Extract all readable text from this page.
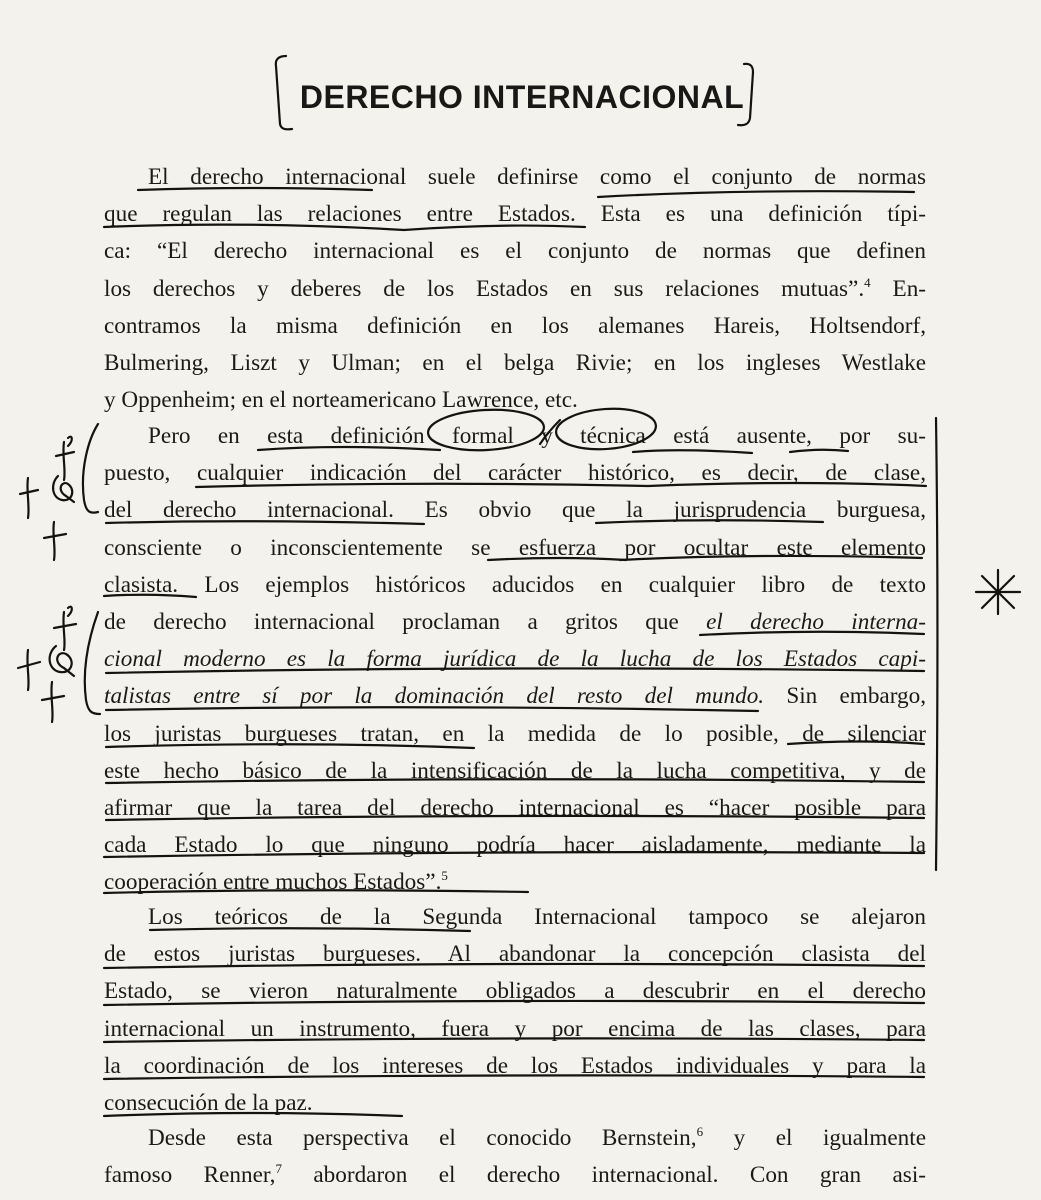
DERECHO INTERNACIONAL
El derecho internacional suele definirse como el conjunto de normas
que regulan las relaciones entre Estados. Esta es una definición típi-
ca: “El derecho internacional es el conjunto de normas que definen
los derechos y deberes de los Estados en sus relaciones mutuas”.$^4$ En-
contramos la misma definición en los alemanes Hareis, Holtsendorf,
Bulmering, Liszt y Ulman; en el belga Rivie; en los ingleses Westlake
y Oppenheim; en el norteamericano Lawrence, etc.
Pero en esta definición formal y técnica está ausente, por su-
puesto, cualquier indicación del carácter histórico, es decir, de clase,
del derecho internacional. Es obvio que la jurisprudencia burguesa,
consciente o inconscientemente se esfuerza por ocultar este elemento
clasista. Los ejemplos históricos aducidos en cualquier libro de texto
de derecho internacional proclaman a gritos que el derecho interna-
cional moderno es la forma jurídica de la lucha de los Estados capi-
talistas entre sí por la dominación del resto del mundo. Sin embargo,
los juristas burgueses tratan, en la medida de lo posible, de silenciar
este hecho básico de la intensificación de la lucha competitiva, y de
afirmar que la tarea del derecho internacional es “hacer posible para
cada Estado lo que ninguno podría hacer aisladamente, mediante la
cooperación entre muchos Estados”.$^5$
Los teóricos de la Segunda Internacional tampoco se alejaron
de estos juristas burgueses. Al abandonar la concepción clasista del
Estado, se vieron naturalmente obligados a descubrir en el derecho
internacional un instrumento, fuera y por encima de las clases, para
la coordinación de los intereses de los Estados individuales y para la
consecución de la paz.
Desde esta perspectiva el conocido Bernstein,$^6$ y el igualmente
famoso Renner,$^7$ abordaron el derecho internacional. Con gran asi-
